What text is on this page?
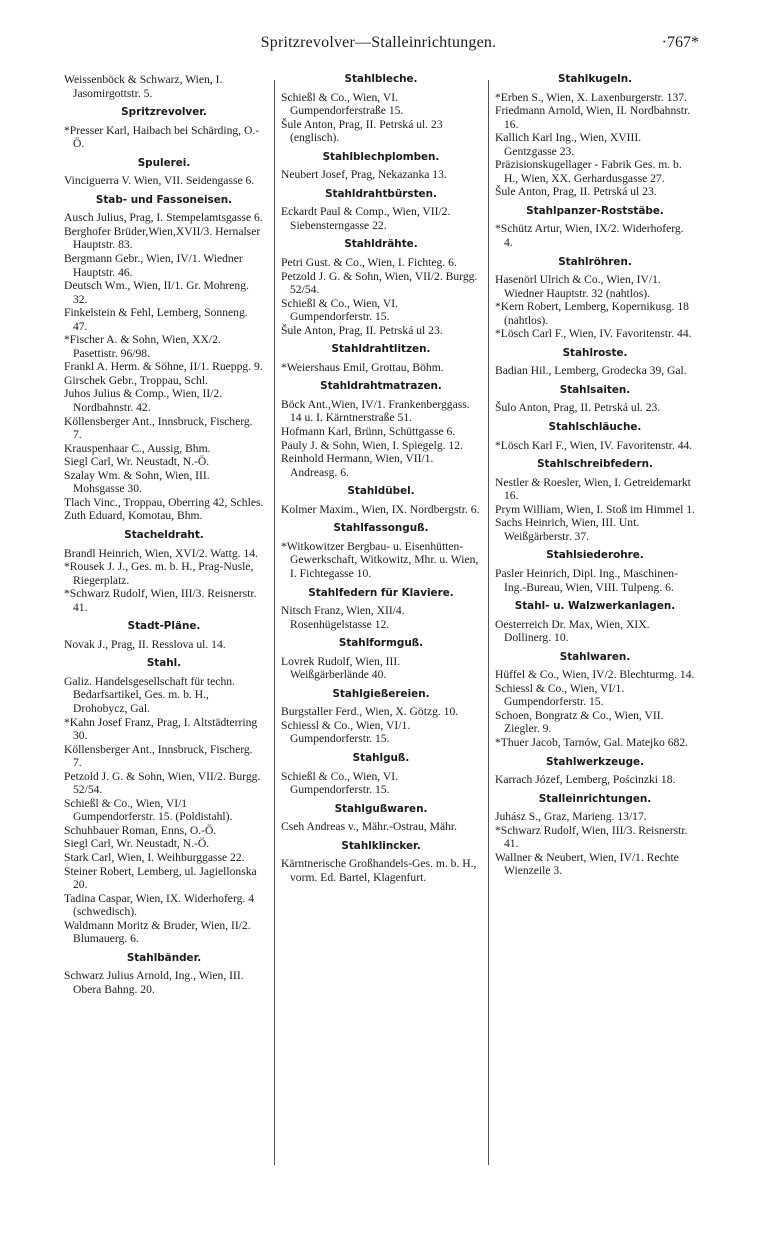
Spritzrevolver—Stalleinrichtungen.	·767*
Weissenböck & Schwarz, Wien, I. Jasomirgottstr. 5.
Spritzrevolver.
*Presser Karl, Haibach bei Schärding, O.-Ö.
Spulerei.
Vinciguerra V. Wien, VII. Seidengasse 6.
Stab- und Fassoneisen.
Ausch Julius, Prag, I. Stempelamtsgasse 6.
Berghofer Brüder,Wien,XVII/3. Hernalser Hauptstr. 83.
Bergmann Gebr., Wien, IV/1. Wiedner Hauptstr. 46.
Deutsch Wm., Wien, II/1. Gr. Mohreng. 32.
Finkelstein & Fehl, Lemberg, Sonneng. 47.
*Fischer A. & Sohn, Wien, XX/2. Pasettistr. 96/98.
Frankl A. Herm. & Söhne, II/1. Rueppg. 9.
Girschek Gebr., Troppau, Schl.
Juhos Julius & Comp., Wien, II/2. Nordbahnstr. 42.
Köllensberger Ant., Innsbruck, Fischerg. 7.
Krauspenhaar C., Aussig, Bhm.
Siegl Carl, Wr. Neustadt, N.-Ö.
Szalay Wm. & Sohn, Wien, III. Mohsgasse 30.
Tlach Vinc., Troppau, Oberring 42, Schles.
Zuth Eduard, Komotau, Bhm.
Stacheldraht.
Brandl Heinrich, Wien, XVI/2. Wattg. 14.
*Rousek J. J., Ges. m. b. H., Prag-Nusle, Riegerplatz.
*Schwarz Rudolf, Wien, III/3. Reisnerstr. 41.
Stadt-Pläne.
Novak J., Prag, II. Resslova ul. 14.
Stahl.
Galiz. Handelsgesellschaft für techn. Bedarfsartikel, Ges. m. b. H., Drohobycz, Gal.
*Kahn Josef Franz, Prag, I. Altstädterring 30.
Köllensberger Ant., Innsbruck, Fischerg. 7.
Petzold J. G. & Sohn, Wien, VII/2. Burgg. 52/54.
Schießl & Co., Wien, VI/1 Gumpendorferstr. 15. (Poldistahl).
Schuhbauer Roman, Enns, O.-Ö.
Siegl Carl, Wr. Neustadt, N.-Ö.
Stark Carl, Wien, I. Weihburggasse 22.
Steiner Robert, Lemberg, ul. Jagiellonska 20.
Tadina Caspar, Wien, IX. Widerhoferg. 4 (schwedisch).
Waldmann Moritz & Bruder, Wien, II/2. Blumauerg. 6.
Stahlbänder.
Schwarz Julius Arnold, Ing., Wien, III. Obera Bahng. 20.
Stahlbleche.
Schießl & Co., Wien, VI. Gumpendorferstraße 15.
Šule Anton, Prag, II. Petrská ul. 23 (englisch).
Stahlblechplomben.
Neubert Josef, Prag, Nekazanka 13.
Stahldrahtbürsten.
Eckardt Paul & Comp., Wien, VII/2. Siebensterngasse 22.
Stahldrähte.
Petri Gust. & Co., Wien, I. Fichteg. 6.
Petzold J. G. & Sohn, Wien, VII/2. Burgg. 52/54.
Schießl & Co., Wien, VI. Gumpendorferstr. 15.
Šule Anton, Prag, II. Petrská ul 23.
Stahldrahtlitzen.
*Weiershaus Emil, Grottau, Böhm.
Stahldrahtmatrazen.
Böck Ant.,Wien, IV/1. Frankenberggass. 14 u. I. Kärntnerstraße 51.
Hofmann Karl, Brünn, Schüttgasse 6.
Pauly J. & Sohn, Wien, I. Spiegelg. 12.
Reinhold Hermann, Wien, VII/1. Andreasg. 6.
Stahldübel.
Kolmer Maxim., Wien, IX. Nordbergstr. 6.
Stahlfassonguß.
*Witkowitzer Bergbau- u. Eisenhütten-Gewerkschaft, Witkowitz, Mhr. u. Wien, I. Fichtegasse 10.
Stahlfedern für Klaviere.
Nitsch Franz, Wien, XII/4. Rosenhügelstasse 12.
Stahlformguß.
Lovrek Rudolf, Wien, III. Weißgärberlände 40.
Stahlgießereien.
Burgstaller Ferd., Wien, X. Götzg. 10.
Schiessl & Co., Wien, VI/1. Gumpendorferstr. 15.
Stahlguß.
Schießl & Co., Wien, VI. Gumpendorferstr. 15.
Stahlgußwaren.
Cseh Andreas v., Mähr.-Ostrau, Mähr.
Stahlklincker.
Kärntnerische Großhandels-Ges. m. b. H., vorm. Ed. Bartel, Klagenfurt.
Stahlkugeln.
*Erben S., Wien, X. Laxenburgerstr. 137.
Friedmann Arnold, Wien, II. Nordbahnstr. 16.
Kallich Karl Ing., Wien, XVIII. Gentzgasse 23.
Präzisionskugellager - Fabrik Ges. m. b. H., Wien, XX. Gerhardusgasse 27.
Šule Anton, Prag, II. Petrská ul 23.
Stahlpanzer-Roststäbe.
*Schütz Artur, Wien, IX/2. Widerhoferg. 4.
Stahlröhren.
Hasenörl Ulrich & Co., Wien, IV/1. Wiedner Hauptstr. 32 (nahtlos).
*Kern Robert, Lemberg, Kopernikusg. 18 (nahtlos).
*Lösch Carl F., Wien, IV. Favoritenstr. 44.
Stahlroste.
Badian Hil., Lemberg, Grodecka 39, Gal.
Stahlsaiten.
Šulo Anton, Prag, II. Petrská ul. 23.
Stahlschläuche.
*Lösch Karl F., Wien, IV. Favoritenstr. 44.
Stahlschreibfedern.
Nestler & Roesler, Wien, I. Getreidemarkt 16.
Prym William, Wien, I. Stoß im Himmel 1.
Sachs Heinrich, Wien, III. Unt. Weißgärberstr. 37.
Stahlsiederohre.
Pasler Heinrich, Dipl. Ing., Maschinen-Ing.-Bureau, Wien, VIII. Tulpeng. 6.
Stahl- u. Walzwerkanlagen.
Oesterreich Dr. Max, Wien, XIX. Dollinerg. 10.
Stahlwaren.
Hüffel & Co., Wien, IV/2. Blechturmg. 14.
Schiessl & Co., Wien, VI/1. Gumpendorferstr. 15.
Schoen, Bongratz & Co., Wien, VII. Ziegler. 9.
*Thuer Jacob, Tarnów, Gal. Matejko 682.
Stahlwerkzeuge.
Karrach Józef, Lemberg, Pościnzki 18.
Stalleinrichtungen.
Juhász S., Graz, Marieng. 13/17.
*Schwarz Rudolf, Wien, III/3. Reisnerstr. 41.
Wallner & Neubert, Wien, IV/1. Rechte Wienzeile 3.
